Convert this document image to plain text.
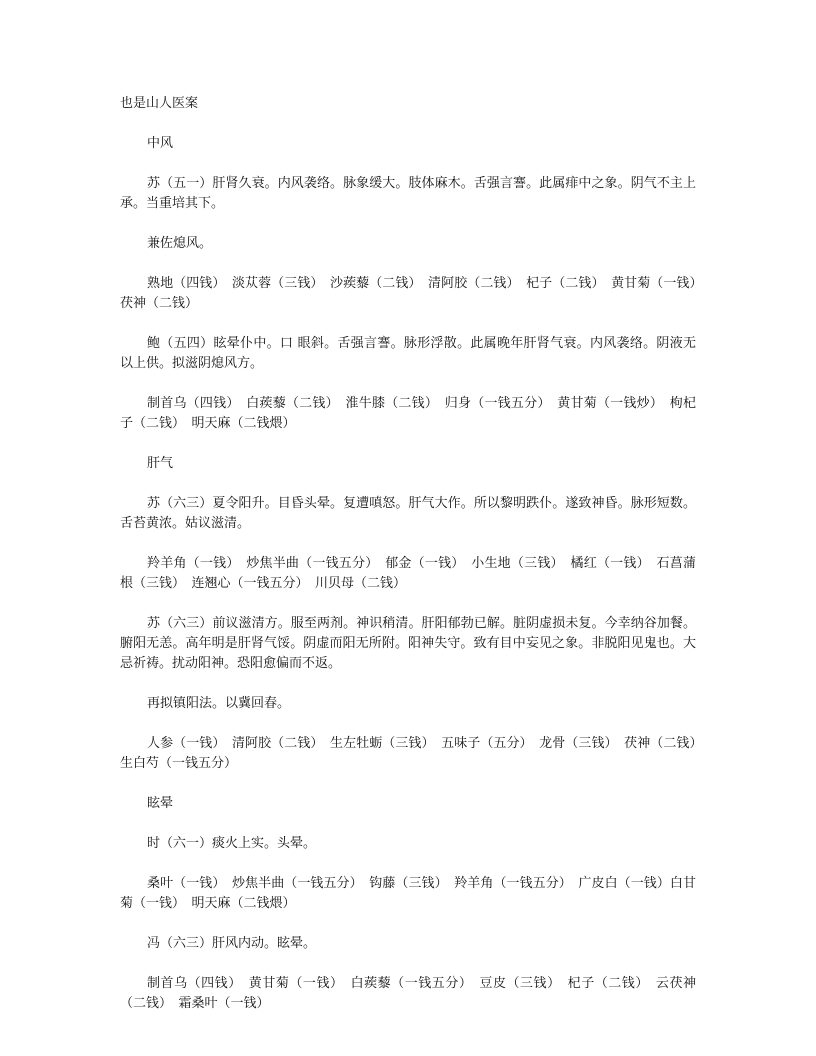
也是山人医案
中风
苏（五一）肝肾久衰。内风袭络。脉象缓大。肢体麻木。舌强言謇。此属痱中之象。阴气不主上承。当重培其下。
兼佐熄风。
熟地（四钱）　淡苁蓉（三钱）　沙蒺藜（二钱）　清阿胶（二钱）　杞子（二钱）　黄甘菊（一钱）　茯神（二钱）
鲍（五四）眩晕仆中。口 眼斜。舌强言謇。脉形浮散。此属晚年肝肾气衰。内风袭络。阴液无以上供。拟滋阴熄风方。
制首乌（四钱）　白蒺藜（二钱）　淮牛膝（二钱）　归身（一钱五分）　黄甘菊（一钱炒）　枸杞子（二钱）　明天麻（二钱煨）
肝气
苏（六三）夏令阳升。目昏头晕。复遭嗔怒。肝气大作。所以黎明跌仆。遂致神昏。脉形短数。舌苔黄浓。姑议滋清。
羚羊角（一钱）　炒焦半曲（一钱五分）　郁金（一钱）　小生地（三钱）　橘红（一钱）　石菖蒲根（三钱）　连翘心（一钱五分）　川贝母（二钱）
苏（六三）前议滋清方。服至两剂。神识稍清。肝阳郁勃已解。脏阴虚损未复。今幸纳谷加餐。腑阳无恙。高年明是肝肾气馁。阴虚而阳无所附。阳神失守。致有目中妄见之象。非脱阳见鬼也。大忌祈祷。扰动阳神。恐阳愈偏而不返。
再拟镇阳法。以冀回春。
人参（一钱）　清阿胶（二钱）　生左牡蛎（三钱）　五味子（五分）　龙骨（三钱）　茯神（二钱）　生白芍（一钱五分）
眩晕
时（六一）痰火上实。头晕。
桑叶（一钱）　炒焦半曲（一钱五分）　钩藤（三钱）　羚羊角（一钱五分）　广皮白（一钱）白甘菊（一钱）　明天麻（二钱煨）
冯（六三）肝风内动。眩晕。
制首乌（四钱）　黄甘菊（一钱）　白蒺藜（一钱五分）　豆皮（三钱）　杞子（二钱）　云茯神（二钱）　霜桑叶（一钱）
